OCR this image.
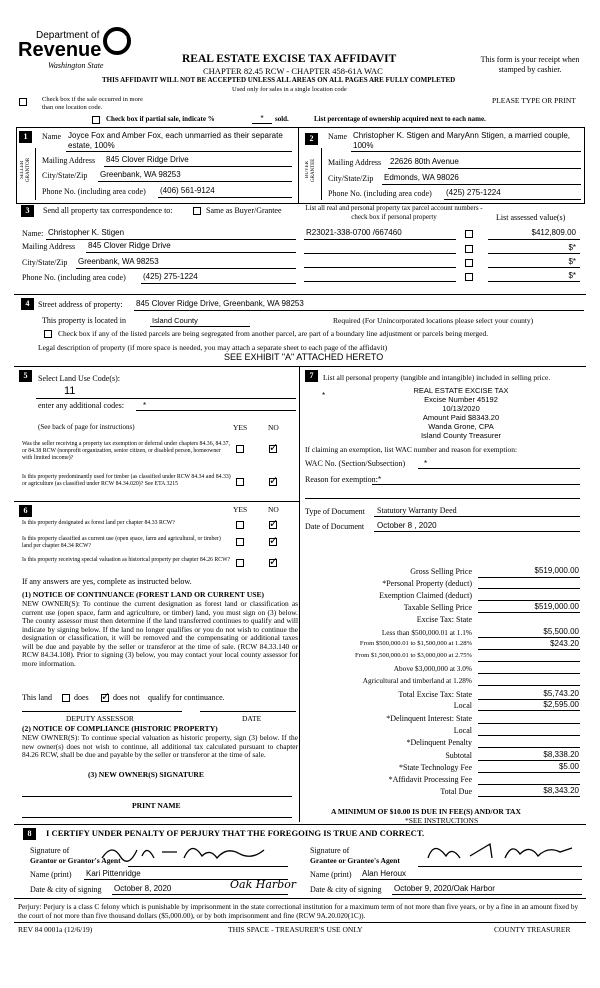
Department of
Revenue
Washington State
REAL ESTATE EXCISE TAX AFFIDAVIT
CHAPTER 82.45 RCW - CHAPTER 458-61A WAC
THIS AFFIDAVIT WILL NOT BE ACCEPTED UNLESS ALL AREAS ON ALL PAGES ARE FULLY COMPLETED
Used only for sales in a single location code
This form is your receipt when stamped by cashier.
PLEASE TYPE OR PRINT
Check box if the sale occurred in more than one location code.
Check box if partial sale, indicate %	*	sold.	List percentage of ownership acquired next to each name.
1
SELLER GRANTOR
Name Joyce Fox and Amber Fox, each unmarried as their separate estate, 100%
Mailing Address 845 Clover Ridge Drive
City/State/Zip Greenbank, WA 98253
Phone No. (including area code) (406) 561-9124
2
BUYER GRANTEE
Name Christopher K. Stigen and MaryAnn Stigen, a married couple, 100%
Mailing Address 22626 80th Avenue
City/State/Zip Edmonds, WA 98026
Phone No. (including area code) (425) 275-1224
3	Send all property tax correspondence to:	Same as Buyer/Grantee
Name: Christopher K. Stigen
Mailing Address 845 Clover Ridge Drive
City/State/Zip Greenbank, WA 98253
Phone No. (including area code) (425) 275-1224
List all real and personal property tax parcel account numbers - check box if personal property	List assessed value(s)
R23021-338-0700 /667460	$412,809.00
$*
$*
$*
4	Street address of property: 845 Clover Ridge Drive, Greenbank, WA 98253
This property is located in	Island County	Required (For Unincorporated locations please select your county)
Check box if any of the listed parcels are being segregated from another parcel, are part of a boundary line adjustment or parcels being merged.
Legal description of property (if more space is needed, you may attach a separate sheet to each page of the affidavit)
SEE EXHIBIT "A" ATTACHED HERETO
5	Select Land Use Code(s):
11
enter any additional codes: *
(See back of page for instructions)	YES	NO
Was the seller receiving a property tax exemption or deferral under chapters 84.36, 84.37, or 84.38 RCW (nonprofit organization, senior citizen, or disabled person, homeowner with limited income)?
✓
Is this property predominantly used for timber (as classified under RCW 84.34 and 84.33) or agriculture (as classified under RCW 84.34.020)? See ETA 3215
✓
6	YES	NO
Is this property designated as forest land per chapter 84.33 RCW?
✓
Is this property classified as current use (open space, farm and agricultural, or timber) land per chapter 84.34 RCW?
✓
Is this property receiving special valuation as historical property per chapter 84.26 RCW?
✓
If any answers are yes, complete as instructed below.
(1) NOTICE OF CONTINUANCE (FOREST LAND OR CURRENT USE)
NEW OWNER(S): To continue the current designation as forest land or classification as current use (open space, farm and agriculture, or timber) land, you must sign on (3) below. The county assessor must then determine if the land transferred continues to qualify and will indicate by signing below. If the land no longer qualifies or you do not wish to continue the designation or classification, it will be removed and the compensating or additional taxes will be due and payable by the seller or transferor at the time of sale. (RCW 84.33.140 or RCW 84.34.108). Prior to signing (3) below, you may contact your local county assessor for more information.
This land	does
✓	does not qualify for continuance.
DEPUTY ASSESSOR	DATE
(2) NOTICE OF COMPLIANCE (HISTORIC PROPERTY)
NEW OWNER(S): To continue special valuation as historic property, sign (3) below. If the new owner(s) does not wish to continue, all additional tax calculated pursuant to chapter 84.26 RCW, shall be due and payable by the seller or transferor at the time of sale.
(3) NEW OWNER(S) SIGNATURE
PRINT NAME
7	List all personal property (tangible and intangible) included in selling price.
*
REAL ESTATE EXCISE TAX
Excise Number 45192
10/13/2020
Amount Paid $8343.20
Wanda Grone, CPA
Island County Treasurer
If claiming an exemption, list WAC number and reason for exemption:
WAC No. (Section/Subsection) *
Reason for exemption: *
Type of Document Statutory Warranty Deed
Date of Document October 8 , 2020
Gross Selling Price	$519,000.00
*Personal Property (deduct)
Exemption Claimed (deduct)
Taxable Selling Price	$519,000.00
Excise Tax: State
Less than $500,000.01 at 1.1%	$5,500.00
From $500,000.01 to $1,500,000 at 1.28%	$243.20
From $1,500,000.01 to $3,000,000 at 2.75%
Above $3,000,000 at 3.0%
Agricultural and timberland at 1.28%
Total Excise Tax: State	$5,743.20
Local	$2,595.00
*Delinquent Interest: State
Local
*Delinquent Penalty
Subtotal	$8,338.20
*State Technology Fee	$5.00
*Affidavit Processing Fee
Total Due	$8,343.20
A MINIMUM OF $10.00 IS DUE IN FEE(S) AND/OR TAX
*SEE INSTRUCTIONS
8	I CERTIFY UNDER PENALTY OF PERJURY THAT THE FOREGOING IS TRUE AND CORRECT.
Signature of
Grantor or Grantor's Agent
Name (print) Kari Pittenridge
Date & city of signing October 8, 2020	Oak Harbor
Signature of
Grantee or Grantee's Agent
Name (print) Alan Heroux
Date & city of signing October 9, 2020/Oak Harbor
Perjury: Perjury is a class C felony which is punishable by imprisonment in the state correctional institution for a maximum term of not more than five years, or by a fine in an amount fixed by the court of not more than five thousand dollars ($5,000.00), or by both imprisonment and fine (RCW 9A.20.020(1C)).
REV 84 0001a (12/6/19)	THIS SPACE - TREASURER'S USE ONLY	COUNTY TREASURER
